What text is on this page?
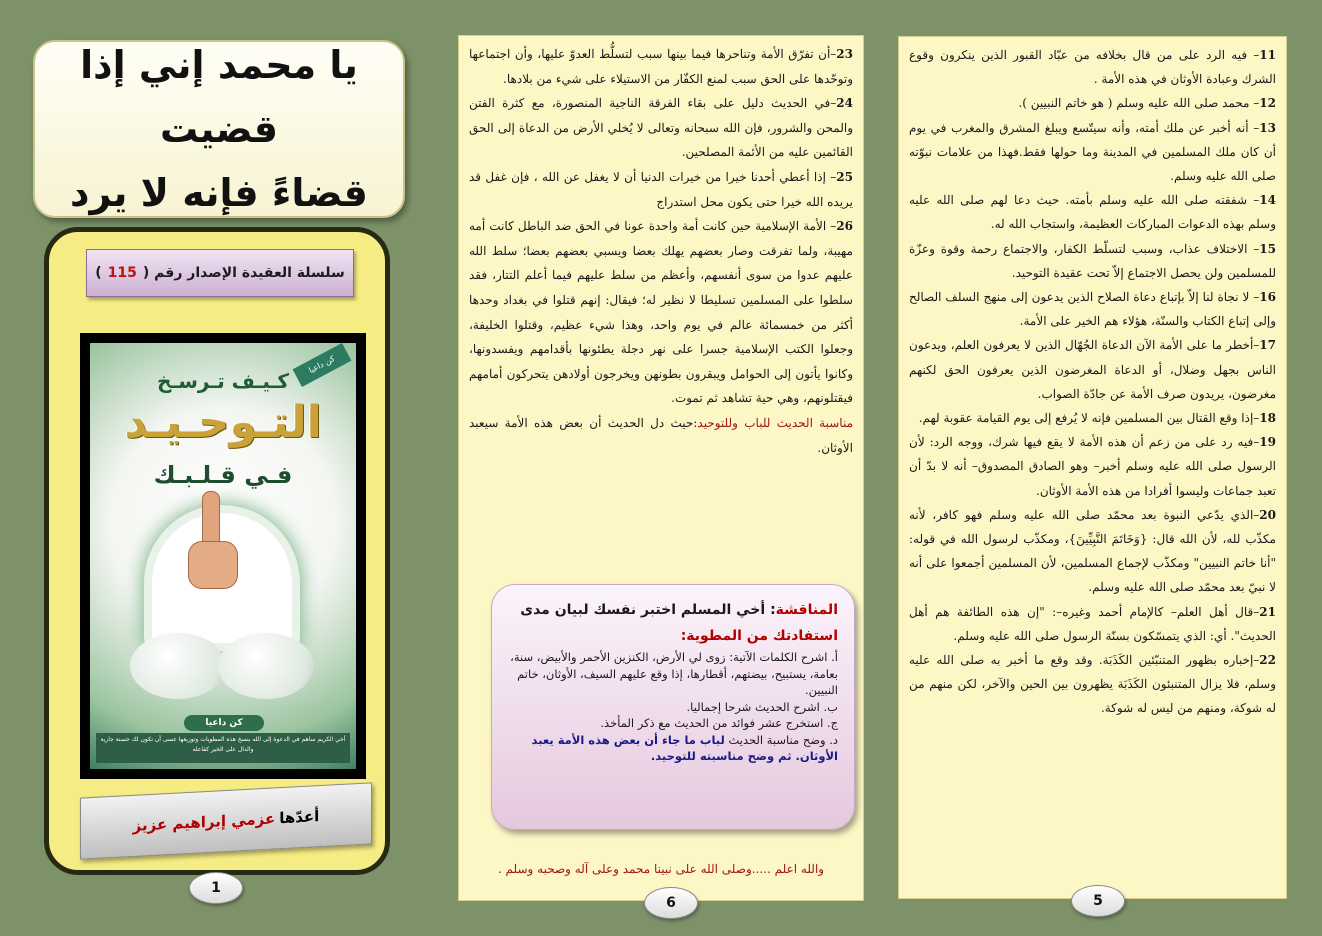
يا محمد إني إذا قضيت
قضاءً فإنه لا يرد
سلسلة العقيدة الإصدار رقم (
115
)
كن داعيا
كـيـف تـرسـخ
التـوحـيـد
فـي قـلـبـك
كن داعيا
أخي الكريم ساهم في الدعوة إلى الله بنسخ هذه المطويات وتوزيعها عسى أن تكون لك حسنة جارية والدال على الخير كفاعله
أعدّها
عزمي إبراهيم عزيز
1

23–أن تفرّق الأمة وتناحرها فيما بينها سبب لتسلُّط العدوّ عليها، وأن اجتماعها وتوحّدها على الحق سبب لمنع الكفّار من الاستيلاء على شيء من بلادها.

24–في الحديث دليل على بقاء الفرقة الناجية المنصورة، مع كثرة الفتن والمحن والشرور، فإن الله سبحانه وتعالى لا يُخلي الأرض من الدعاة إلى الحق القائمين عليه من الأئمة المصلحين.

25– إذا أعطي أحدنا خيرا من خيرات الدنيا أن لا يغفل عن الله ، فإن غفل قد يريده الله خيرا حتى يكون محل استدراج

26– الأمة الإسلامية حين كانت أمة واحدة عونا في الحق ضد الباطل كانت أمه مهيبة، ولما تفرقت وصار بعضهم يهلك بعضا ويسبي بعضهم بعضا؛ سلط الله عليهم عدوا من سوى أنفسهم، وأعظم من سلط عليهم فيما أعلم التتار، فقد سلطوا على المسلمين تسليطا لا نظير له؛ فيقال: إنهم قتلوا في بغداد وحدها أكثر من خمسمائة عالم في يوم واحد، وهذا شيء عظيم، وقتلوا الخليفة، وجعلوا الكتب الإسلامية جسرا على نهر دجلة يطئونها بأقدامهم ويفسدونها، وكانوا يأتون إلى الحوامل ويبقرون بطونهن ويخرجون أولادهن يتحركون أمامهم فيقتلونهم، وهي حية تشاهد ثم تموت.

مناسبة الحديث للباب وللتوحيد:حيث دل الحديث أن بعض هذه الأمة سيعبد الأوثان.

المناقشة: أخي المسلم اختبر نفسك لبيان مدى
استفادتك من المطوية:

أ. اشرح الكلمات الآتية: زوى لي الأرض، الكنزين الأحمر والأبيض، سنة، بعامة، يستبيح، بيضتهم، أقطارها، إذا وقع عليهم السيف، الأوثان، خاتم النبيين.

ب. اشرح الحديث شرحا إجماليا.

ج. استخرج عشر فوائد من الحديث مع ذكر المأخذ.

د. وضح مناسبة الحديث لباب ما جاء أن بعض هذه الأمة يعبد الأوثان. ثم وضح مناسبته للتوحيد.

والله اعلم .....وصلى الله على نبينا محمد وعلى آله وصحبه وسلم .
6

11– فيه الرد على من قال بخلافه من عبّاد القبور الذين ينكرون وقوع الشرك وعبادة الأوثان في هذه الأمة .

12– محمد صلى الله عليه وسلم ( هو خاتم النبيين ).

13– أنه أخبر عن ملك أمته، وأنه سيتّسع ويبلغ المشرق والمغرب في يوم أن كان ملك المسلمين في المدينة وما حولها فقط.فهذا من علامات نبوّته صلى الله عليه وسلم.

14– شفقته صلى الله عليه وسلم بأمته. حيث دعا لهم صلى الله عليه وسلم بهذه الدعوات المباركات العظيمة، واستجاب الله له.

15– الاختلاف عذاب، وسبب لتسلّط الكفار، والاجتماع رحمة وقوة وعزّة للمسلمين ولن يحصل الاجتماع إلاّ تحت عقيدة التوحيد.

16– لا نجاة لنا إلاّ بإتباع دعاة الصلاح الذين يدعون إلى منهج السلف الصالح وإلى إتباع الكتاب والسنّة، هؤلاء هم الخير على الأمة.

17–أخطر ما على الأمة الآن الدعاة الجُهّال الذين لا يعرفون العلم، ويدعون الناس بجهل وضلال، أو الدعاة المغرضون الذين يعرفون الحق لكنهم مغرضون، يريدون صرف الأمة عن جادّة الصواب.

18–إذا وقع القتال بين المسلمين فإنه لا يُرفع إلى يوم القيامة عقوبة لهم.

19–فيه رد على من زعم أن هذه الأمة لا يقع فيها شرك، ووجه الرد: لأن الرسول صلى الله عليه وسلم أخبر– وهو الصادق المصدوق– أنه لا بدّ أن تعبد جماعات وليسوا أفرادا من هذه الأمة الأوثان.

20–الذي يدّعي النبوة بعد محمّد صلى الله عليه وسلم فهو كافر، لأنه مكذّب لله، لأن الله قال: {وَخَاتَمَ النَّبِيِّينَ}، ومكذّب لرسول الله في قوله: "أنا خاتم النبيين" ومكذّب لإجماع المسلمين، لأن المسلمين أجمعوا على أنه لا نبيّ بعد محمّد صلى الله عليه وسلم.

21–قال أهل العلم– كالإمام أحمد وغيره–: "إن هذه الطائفة هم أهل الحديث". أي: الذي يتمسّكون بسنّة الرسول صلى الله عليه وسلم.

22–إخباره بظهور المتنبّئين الكَذَبَة. وقد وقع ما أخبر به صلى الله عليه وسلم، فلا يزال المتنبئون الكَذَبَة يظهرون بين الحين والآخر، لكن منهم من له شوكة، ومنهم من ليس له شوكة.

5
